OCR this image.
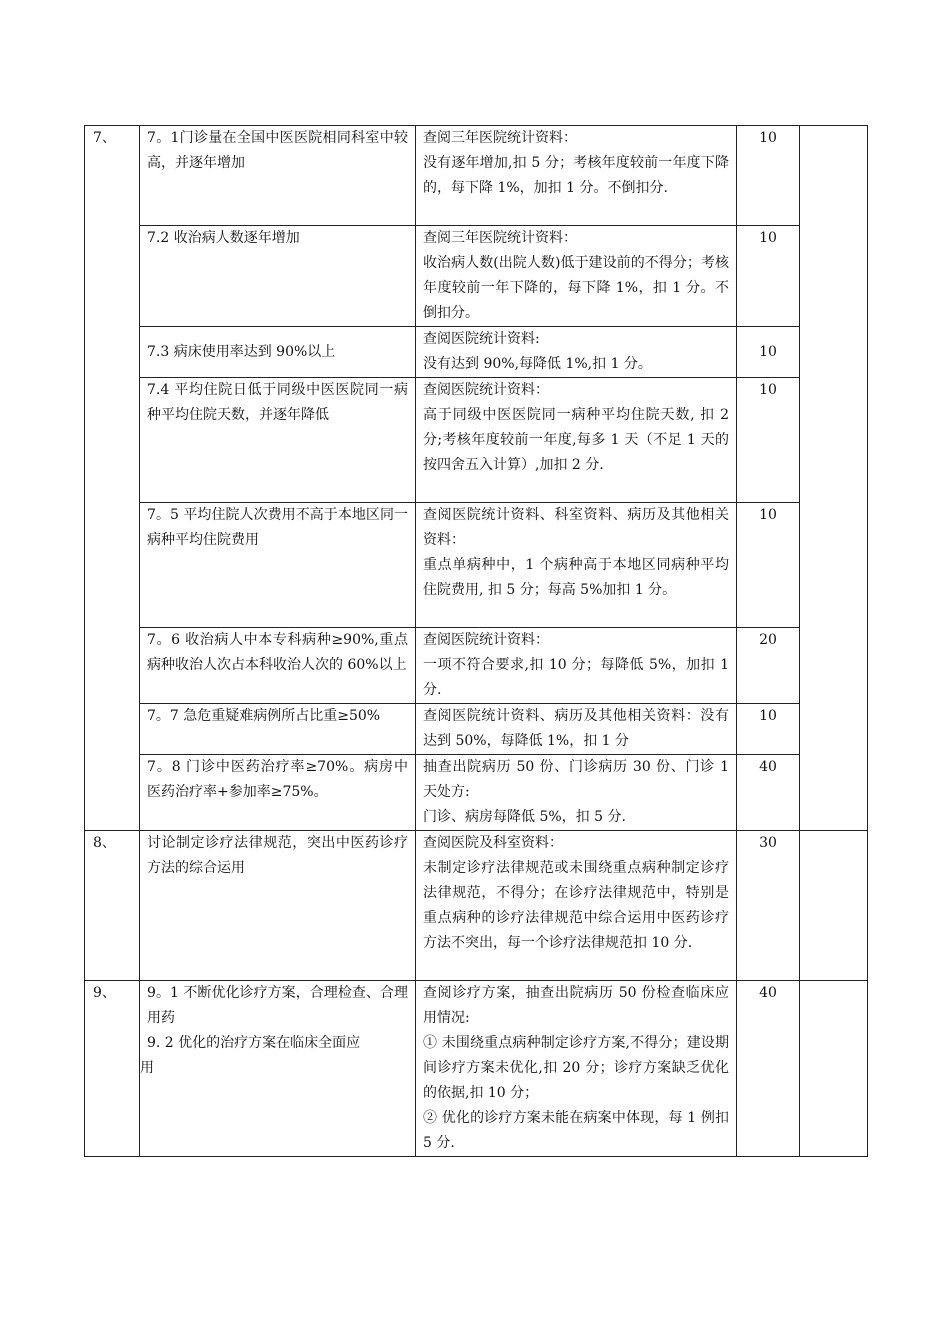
7、	7。1门诊量在全国中医医院相同科室中较高，并逐年增加	查阅三年医院统计资料：
没有逐年增加,扣 5 分；考核年度较前一年度下降的，每下降 1%，加扣 1 分。不倒扣分.	10	
	7.2 收治病人数逐年增加	查阅三年医院统计资料：
收治病人数(出院人数)低于建设前的不得分；考核年度较前一年下降的，每下降 1%，扣 1 分。不倒扣分。	10	
	7.3 病床使用率达到 90%以上	查阅医院统计资料:
没有达到 90%,每降低 1%,扣 1 分。	10	
	7.4 平均住院日低于同级中医医院同一病种平均住院天数，并逐年降低	查阅医院统计资料：
高于同级中医医院同一病种平均住院天数, 扣 2 分;考核年度较前一年度,每多 1 天（不足 1 天的按四舍五入计算）,加扣 2 分.	10	
	7。5 平均住院人次费用不高于本地区同一病种平均住院费用	查阅医院统计资料、科室资料、病历及其他相关资料：
重点单病种中，1 个病种高于本地区同病种平均住院费用, 扣 5 分；每高 5%加扣 1 分。	10	
	7。6 收治病人中本专科病种≥90%,重点病种收治人次占本科收治人次的 60%以上	查阅医院统计资料：
一项不符合要求,扣 10 分；每降低 5%，加扣 1 分.	20	
	7。7 急危重疑难病例所占比重≥50%	查阅医院统计资料、病历及其他相关资料：没有达到 50%，每降低 1%，扣 1 分	10	
	7。8 门诊中医药治疗率≥70%。病房中医药治疗率+参加率≥75%。	抽查出院病历 50 份、门诊病历 30 份、门诊 1 天处方:
门诊、病房每降低 5%，扣 5 分.	40	
8、	讨论制定诊疗法律规范，突出中医药诊疗方法的综合运用	查阅医院及科室资料：
未制定诊疗法律规范或未围绕重点病种制定诊疗法律规范，不得分；在诊疗法律规范中，特别是重点病种的诊疗法律规范中综合运用中医药诊疗方法不突出，每一个诊疗法律规范扣 10 分.	30	
9、	9。1 不断优化诊疗方案，合理检查、合理用药
9. 2 优化的治疗方案在临床全面应
用	查阅诊疗方案，抽查出院病历 50 份检查临床应用情况:
① 未围绕重点病种制定诊疗方案,不得分；建设期间诊疗方案未优化,扣 20 分；诊疗方案缺乏优化的依据,扣 10 分；
② 优化的诊疗方案未能在病案中体现，每 1 例扣 5 分.	40	
